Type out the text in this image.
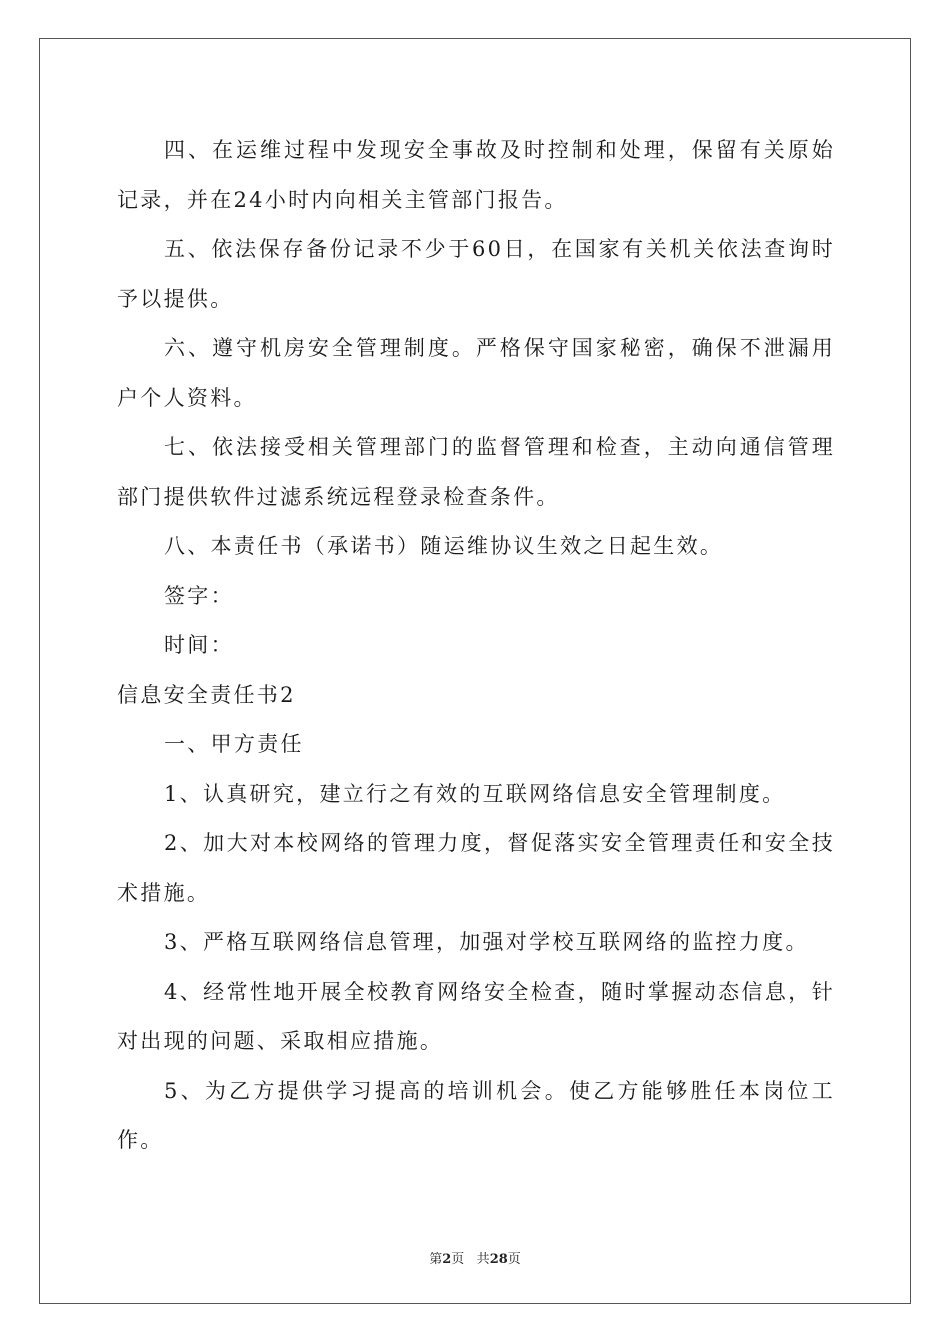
四、在运维过程中发现安全事故及时控制和处理，保留有关原始记录，并在24小时内向相关主管部门报告。

五、依法保存备份记录不少于60日，在国家有关机关依法查询时予以提供。

六、遵守机房安全管理制度。严格保守国家秘密，确保不泄漏用户个人资料。

七、依法接受相关管理部门的监督管理和检查，主动向通信管理部门提供软件过滤系统远程登录检查条件。

八、本责任书（承诺书）随运维协议生效之日起生效。

签字：

时间：

信息安全责任书2

一、甲方责任

1、认真研究，建立行之有效的互联网络信息安全管理制度。

2、加大对本校网络的管理力度，督促落实安全管理责任和安全技术措施。

3、严格互联网络信息管理，加强对学校互联网络的监控力度。

4、经常性地开展全校教育网络安全检查，随时掌握动态信息，针对出现的问题、采取相应措施。

5、为乙方提供学习提高的培训机会。使乙方能够胜任本岗位工作。

第2页 共28页
